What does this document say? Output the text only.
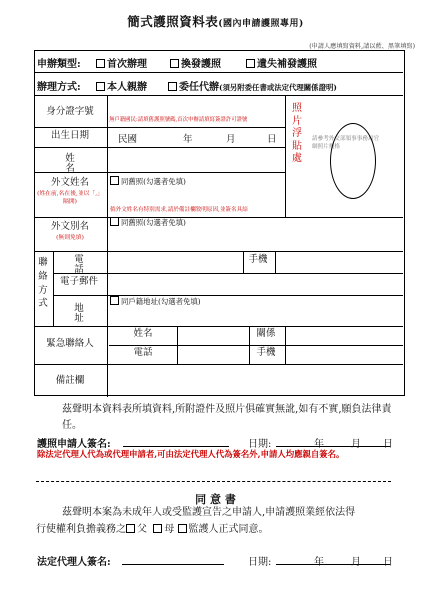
簡式護照資料表(國內申請護照專用)
(申請人應填寫資料,請以藍、黑筆填寫)
申辦類型:	首次辦理	換發護照	遺失補發護照
辦理方式:	本人親辦	委任代辦(須另附委任書或法定代理關係證明)
身分證字號
無戶籍國民:請填舊護照號碼,首次申辦請填寫簽證許可證號
出生日期	民國	年	月	日
姓 名
外文姓名
(姓在前,名在後,並以「,」隔開)
同舊照(勾選者免填)
倘外文姓名有特別需求,請於備註欄敘明原因,並簽名具結
照
片
浮
貼
處
請參考外交部領事事務局官網照片規格
外文別名
(無則免填)
同舊照(勾選者免填)
聯絡方式
電 話
手機
電子郵件
地 址
同戶籍地址(勾選者免填)
緊急聯絡人
姓名	關係
電話	手機
備註欄
茲聲明本資料表所填資料,所附證件及照片俱確實無訛,如有不實,願負法律責任。
護照申請人簽名:	日期:	年	月 日
除法定代理人代為或代理申請者,可由法定代理人代為簽名外,申請人均應親自簽名。
同 意 書
茲聲明本案為未成年人或受監護宣告之申請人,申請護照業經依法得
行使權利負擔義務之 父 母 監護人正式同意。
法定代理人簽名:	日期:	年	月 日
